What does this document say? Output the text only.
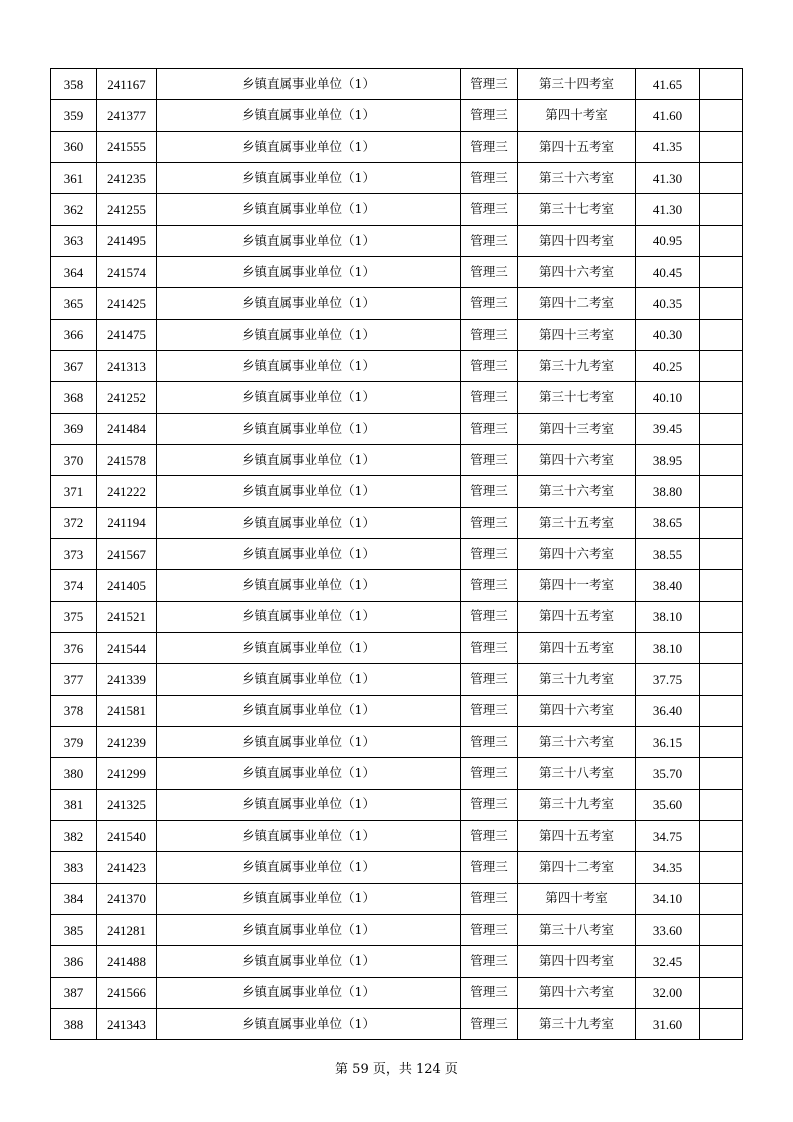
358	241167	乡镇直属事业单位（1）	管理三	第三十四考室	41.65	
359	241377	乡镇直属事业单位（1）	管理三	第四十考室	41.60	
360	241555	乡镇直属事业单位（1）	管理三	第四十五考室	41.35	
361	241235	乡镇直属事业单位（1）	管理三	第三十六考室	41.30	
362	241255	乡镇直属事业单位（1）	管理三	第三十七考室	41.30	
363	241495	乡镇直属事业单位（1）	管理三	第四十四考室	40.95	
364	241574	乡镇直属事业单位（1）	管理三	第四十六考室	40.45	
365	241425	乡镇直属事业单位（1）	管理三	第四十二考室	40.35	
366	241475	乡镇直属事业单位（1）	管理三	第四十三考室	40.30	
367	241313	乡镇直属事业单位（1）	管理三	第三十九考室	40.25	
368	241252	乡镇直属事业单位（1）	管理三	第三十七考室	40.10	
369	241484	乡镇直属事业单位（1）	管理三	第四十三考室	39.45	
370	241578	乡镇直属事业单位（1）	管理三	第四十六考室	38.95	
371	241222	乡镇直属事业单位（1）	管理三	第三十六考室	38.80	
372	241194	乡镇直属事业单位（1）	管理三	第三十五考室	38.65	
373	241567	乡镇直属事业单位（1）	管理三	第四十六考室	38.55	
374	241405	乡镇直属事业单位（1）	管理三	第四十一考室	38.40	
375	241521	乡镇直属事业单位（1）	管理三	第四十五考室	38.10	
376	241544	乡镇直属事业单位（1）	管理三	第四十五考室	38.10	
377	241339	乡镇直属事业单位（1）	管理三	第三十九考室	37.75	
378	241581	乡镇直属事业单位（1）	管理三	第四十六考室	36.40	
379	241239	乡镇直属事业单位（1）	管理三	第三十六考室	36.15	
380	241299	乡镇直属事业单位（1）	管理三	第三十八考室	35.70	
381	241325	乡镇直属事业单位（1）	管理三	第三十九考室	35.60	
382	241540	乡镇直属事业单位（1）	管理三	第四十五考室	34.75	
383	241423	乡镇直属事业单位（1）	管理三	第四十二考室	34.35	
384	241370	乡镇直属事业单位（1）	管理三	第四十考室	34.10	
385	241281	乡镇直属事业单位（1）	管理三	第三十八考室	33.60	
386	241488	乡镇直属事业单位（1）	管理三	第四十四考室	32.45	
387	241566	乡镇直属事业单位（1）	管理三	第四十六考室	32.00	
388	241343	乡镇直属事业单位（1）	管理三	第三十九考室	31.60	
第 59 页，共 124 页
